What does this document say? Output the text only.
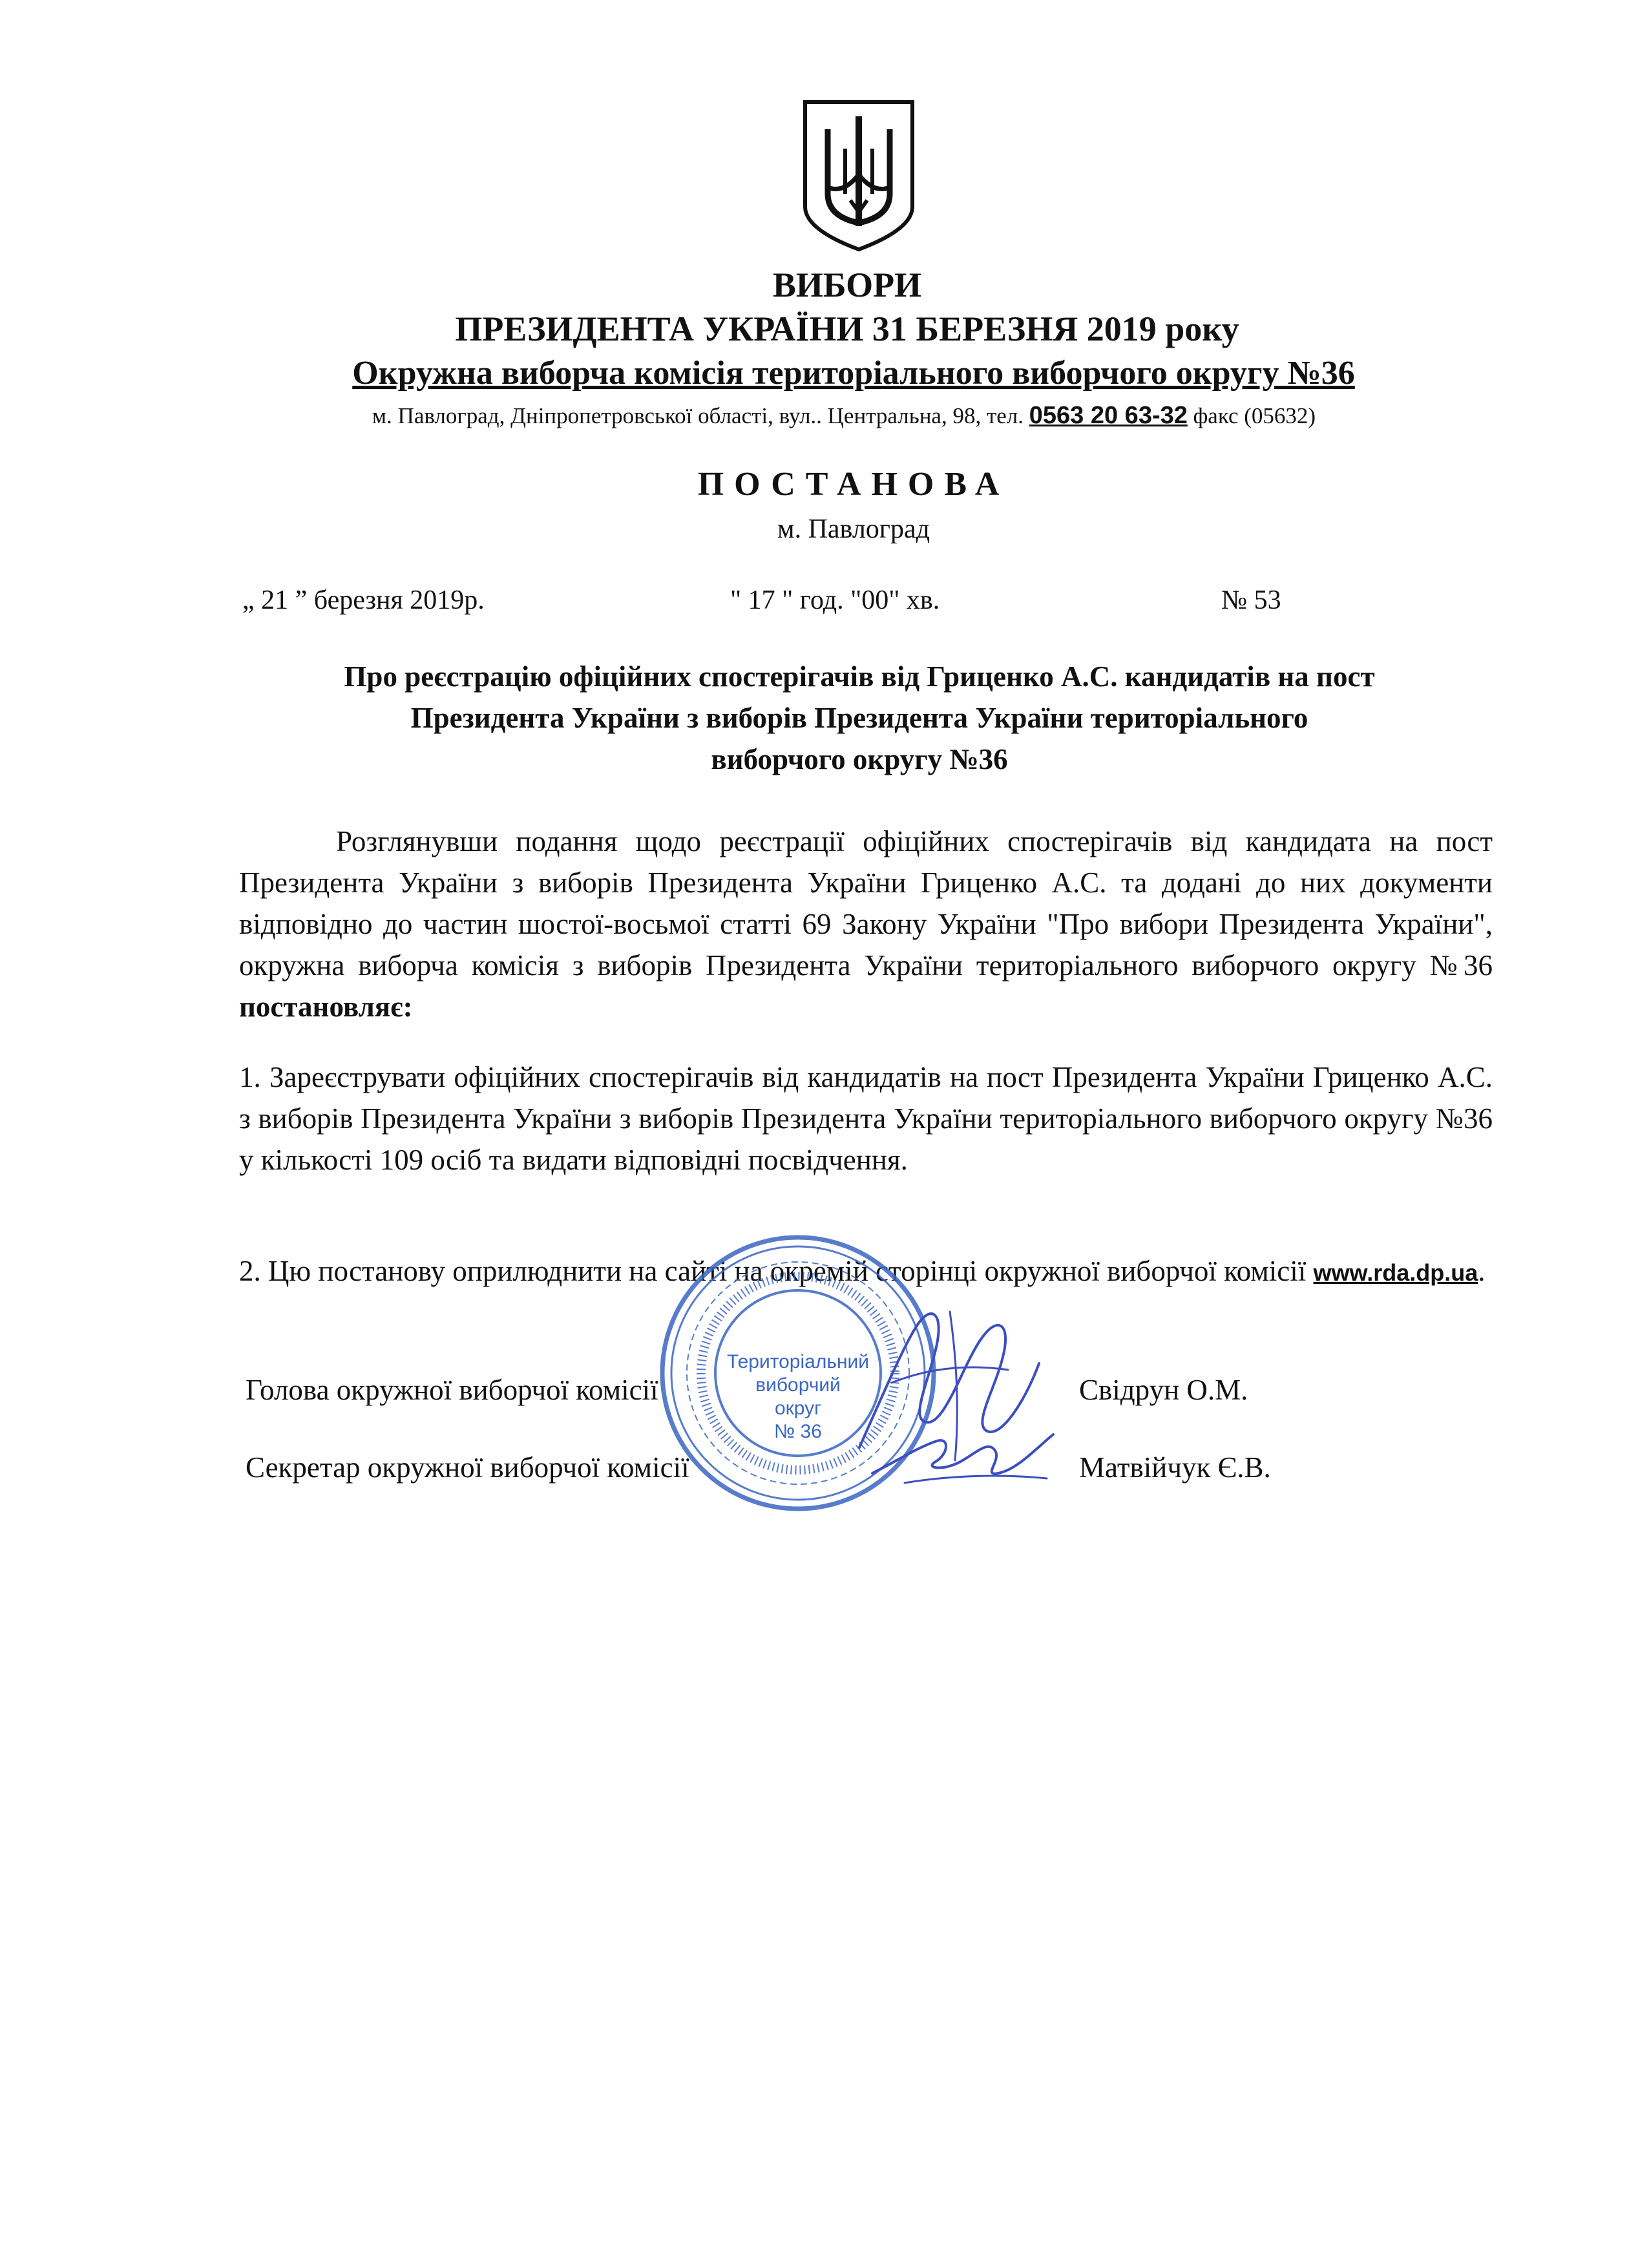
ВИБОРИ
ПРЕЗИДЕНТА УКРАЇНИ 31 БЕРЕЗНЯ 2019 року
Окружна виборча комісія територіального виборчого округу №36
м. Павлоград, Дніпропетровської області, вул.. Центральна, 98, тел. 0563 20 63-32 факс (05632)
ПОСТАНОВА
м. Павлоград
„ 21 ” березня 2019р.	" 17 " год. "00" хв.	№ 53
Про реєстрацію офіційних спостерігачів від Гриценко А.С. кандидатів на пост
Президента України з виборів Президента України територіального
виборчого округу №36
Розглянувши подання щодо реєстрації офіційних спостерігачів від кандидата на пост Президента України з виборів Президента України Гриценко А.С. та додані до них документи відповідно до частин шостої-восьмої статті 69 Закону України "Про вибори Президента України", окружна виборча комісія з виборів Президента України територіального виборчого округу №36 постановляє:
1. Зареєструвати офіційних спостерігачів від кандидатів на пост Президента України Гриценко А.С. з виборів Президента України з виборів Президента України територіального виборчого округу №36 у кількості 109 осіб та видати відповідні посвідчення.
2. Цю постанову оприлюднити на сайті на окремій сторінці окружної виборчої комісії www.rda.dp.ua.
Голова окружної виборчої комісії	Свідрун О.М.
Секретар окружної виборчої комісії	Матвійчук Є.В.
Територіальний
виборчий
округ
№ 36
